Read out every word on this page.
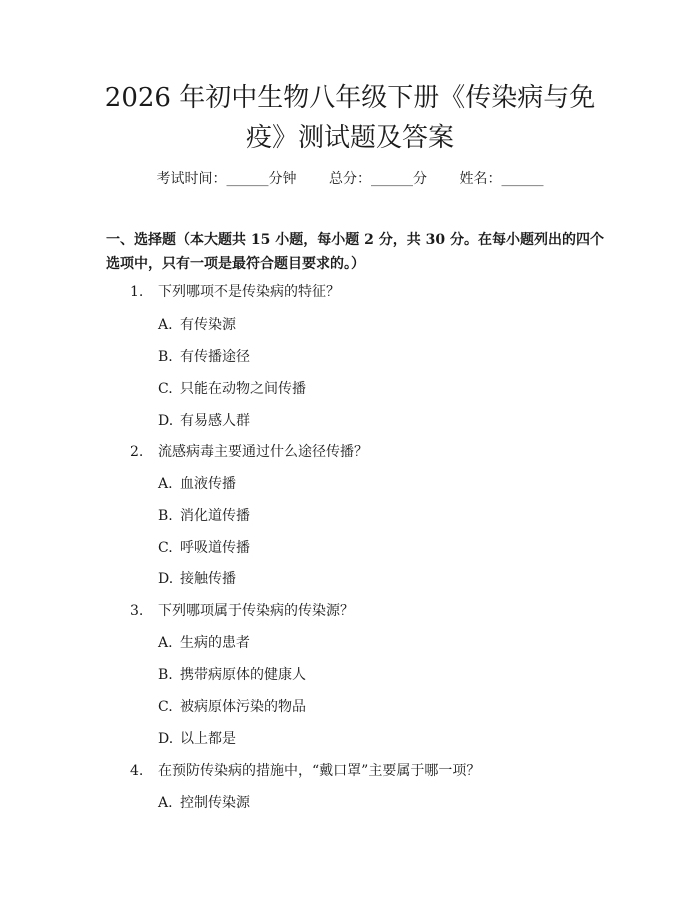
2026 年初中生物八年级下册《传染病与免疫》测试题及答案
考试时间：______分钟 总分：______分 姓名：______

一、选择题（本大题共 15 小题，每小题 2 分，共 30 分。在每小题列出的四个选项中，只有一项是最符合题目要求的。）

1. 下列哪项不是传染病的特征？
A. 有传染源
B. 有传播途径
C. 只能在动物之间传播
D. 有易感人群
2. 流感病毒主要通过什么途径传播？
A. 血液传播
B. 消化道传播
C. 呼吸道传播
D. 接触传播
3. 下列哪项属于传染病的传染源？
A. 生病的患者
B. 携带病原体的健康人
C. 被病原体污染的物品
D. 以上都是
4. 在预防传染病的措施中，“戴口罩”主要属于哪一项？
A. 控制传染源
